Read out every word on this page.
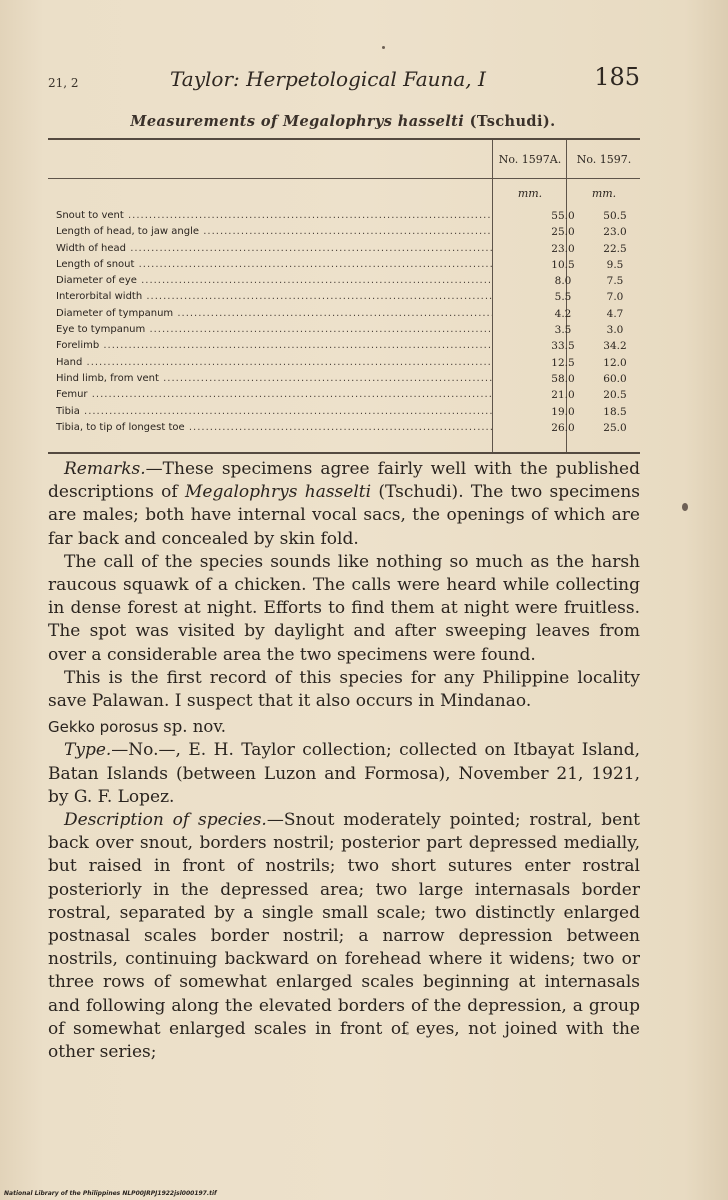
21, 2	Taylor: Herpetological Fauna, I	185
Measurements of Megalophrys hasselti (Tschudi).
No. 1597A.	No. 1597.
mm.	mm.
Snout to vent .....	55.0	50.5
Length of head, to jaw angle .....	25.0	23.0
Width of head .....	23.0	22.5
Length of snout .....	10.5	9.5
Diameter of eye .....	8.0	7.5
Interorbital width .....	5.5	7.0
Diameter of tympanum .....	4.2	4.7
Eye to tympanum .....	3.5	3.0
Forelimb .....	33.5	34.2
Hand .....	12.5	12.0
Hind limb, from vent .....	58.0	60.0
Femur .....	21.0	20.5
Tibia .....	19.0	18.5
Tibia, to tip of longest toe .....	26.0	25.0

Remarks.—These specimens agree fairly well with the published descriptions of Megalophrys hasselti (Tschudi). The two specimens are males; both have internal vocal sacs, the openings of which are far back and concealed by skin fold.

The call of the species sounds like nothing so much as the harsh raucous squawk of a chicken. The calls were heard while collecting in dense forest at night. Efforts to find them at night were fruitless. The spot was visited by daylight and after sweeping leaves from over a considerable area the two specimens were found.

This is the first record of this species for any Philippine locality save Palawan. I suspect that it also occurs in Mindanao.

Gekko porosus sp. nov.

Type.—No.—, E. H. Taylor collection; collected on Itbayat Island, Batan Islands (between Luzon and Formosa), November 21, 1921, by G. F. Lopez.

Description of species.—Snout moderately pointed; rostral, bent back over snout, borders nostril; posterior part depressed medially, but raised in front of nostrils; two short sutures enter rostral posteriorly in the depressed area; two large internasals border rostral, separated by a single small scale; two distinctly enlarged postnasal scales border nostril; a narrow depression between nostrils, continuing backward on forehead where it widens; two or three rows of somewhat enlarged scales beginning at internasals and following along the elevated borders of the depression, a group of somewhat enlarged scales in front of eyes, not joined with the other series;

National Library of the Philippines NLP00JRPJ1922jsl000197.tif
